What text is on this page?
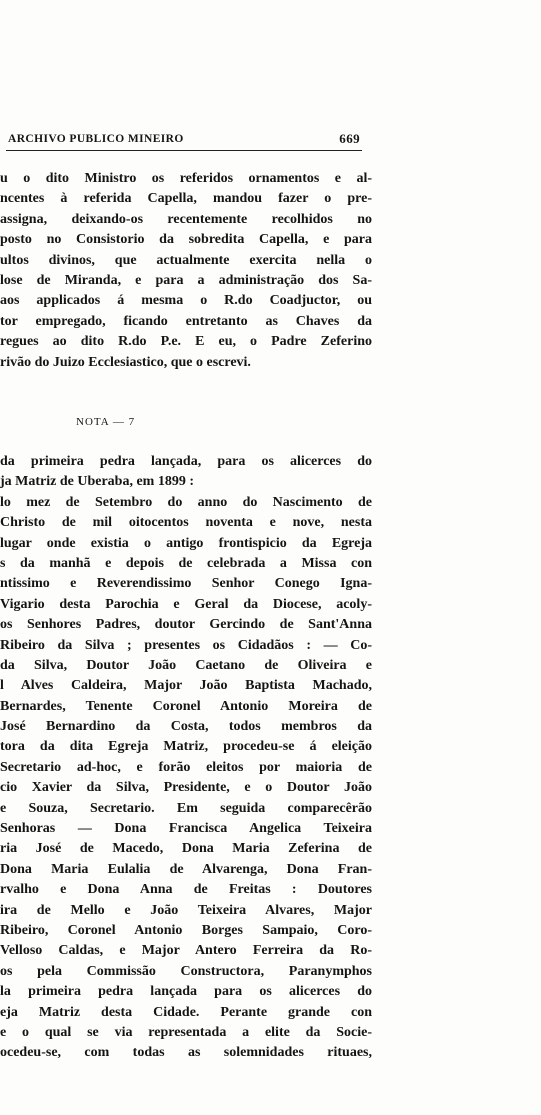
ARCHIVO PUBLICO MINEIRO	669
u o dito Ministro os referidos ornamentos e al-
ncentes à referida Capella, mandou fazer o pre-
assigna, deixando-os recentemente recolhidos no
posto no Consistorio da sobredita Capella, e para
ultos divinos, que actualmente exercita nella o
lose de Miranda, e para a administração dos Sa-
aos applicados á mesma o R.do Coadjuctor, ou
tor empregado, ficando entretanto as Chaves da
regues ao dito R.do P.e. E eu, o Padre Zeferino
rivão do Juizo Ecclesiastico, que o escrevi.
NOTA — 7
da primeira pedra lançada, para os alicerces do
ja Matriz de Uberaba, em 1899 :
lo mez de Setembro do anno do Nascimento de
Christo de mil oitocentos noventa e nove, nesta
lugar onde existia o antigo frontispicio da Egreja
s da manhã e depois de celebrada a Missa con
ntissimo e Reverendissimo Senhor Conego Igna-
Vigario desta Parochia e Geral da Diocese, acoly-
os Senhores Padres, doutor Gercindo de Sant'Anna
Ribeiro da Silva ; presentes os Cidadãos : — Co-
da Silva, Doutor João Caetano de Oliveira e
l Alves Caldeira, Major João Baptista Machado,
Bernardes, Tenente Coronel Antonio Moreira de
José Bernardino da Costa, todos membros da
tora da dita Egreja Matriz, procedeu-se á eleição
Secretario ad-hoc, e forão eleitos por maioria de
cio Xavier da Silva, Presidente, e o Doutor João
e Souza, Secretario. Em seguida comparecêrão
Senhoras — Dona Francisca Angelica Teixeira
ria José de Macedo, Dona Maria Zeferina de
Dona Maria Eulalia de Alvarenga, Dona Fran-
rvalho e Dona Anna de Freitas : Doutores
ira de Mello e João Teixeira Alvares, Major
Ribeiro, Coronel Antonio Borges Sampaio, Coro-
Velloso Caldas, e Major Antero Ferreira da Ro-
os pela Commissão Constructora, Paranymphos
la primeira pedra lançada para os alicerces do
eja Matriz desta Cidade. Perante grande con
e o qual se via representada a elite da Socie-
ocedeu-se, com todas as solemnidades rituaes,
